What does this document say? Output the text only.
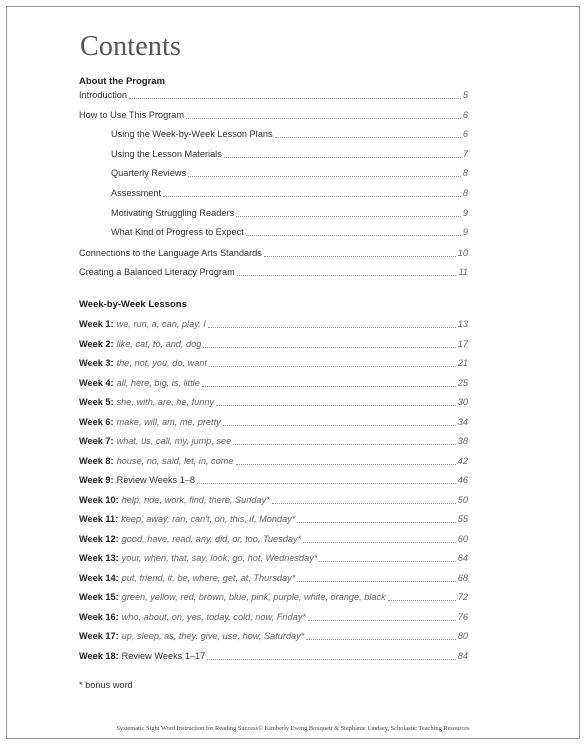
Contents
About the Program
Introduction	5
How to Use This Program	6
Using the Week-by-Week Lesson Plans	6
Using the Lesson Materials	7
Quarterly Reviews	8
Assessment	8
Motivating Struggling Readers	9
What Kind of Progress to Expect	9
Connections to the Language Arts Standards	10
Creating a Balanced Literacy Program	11
Week-by-Week Lessons
Week 1: we, run, a, can, play, I	13
Week 2: like, cat, to, and, dog	17
Week 3: the, not, you, do, want	21
Week 4: all, here, big, is, little	25
Week 5: she, with, are, he, funny	30
Week 6: make, will, am, me, pretty	34
Week 7: what, us, call, my, jump, see	38
Week 8: house, no, said, let, in, come	42
Week 9: Review Weeks 1–8	46
Week 10: help, ride, work, find, there, Sunday*	50
Week 11: keep, away, ran, can't, on, this, if, Monday*	55
Week 12: good, have, read, any, did, or, too, Tuesday*	60
Week 13: your, when, that, say, look, go, hot, Wednesday*	64
Week 14: put, friend, it, be, where, get, at, Thursday*	68
Week 15: green, yellow, red, brown, blue, pink, purple, white, orange, black	72
Week 16: who, about, on, yes, today, cold, now, Friday*	76
Week 17: up, sleep, as, they, give, use, how, Saturday*	80
Week 18: Review Weeks 1–17	84
* bonus word
Systematic Sight Word Instruction for Reading Success© Kimberly Ewing Bouquett & Stephanie Lindsey, Scholastic Teaching Resources
